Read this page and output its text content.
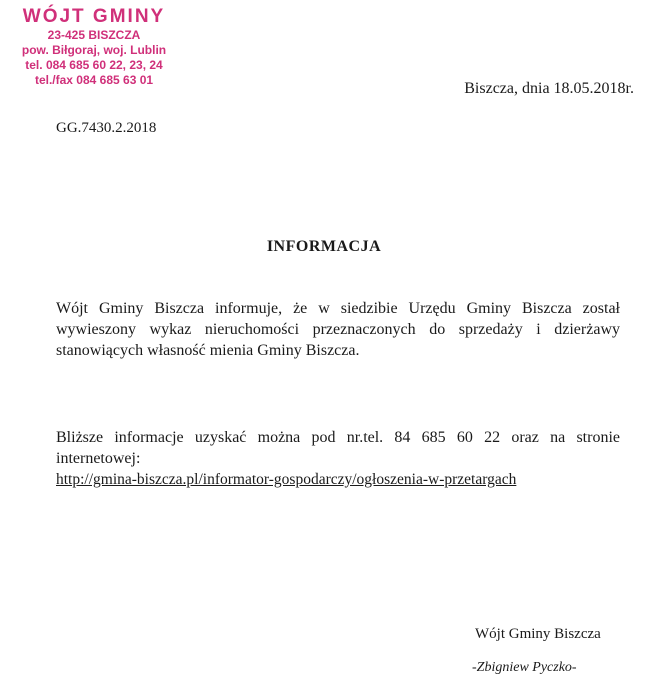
WÓJT GMINY
23-425 BISZCZA
pow. Biłgoraj, woj. Lublin
tel. 084 685 60 22, 23, 24
tel./fax 084 685 63 01	Biszcza, dnia 18.05.2018r.
GG.7430.2.2018
INFORMACJA
Wójt Gminy Biszcza informuje, że w siedzibie Urzędu Gminy Biszcza został wywieszony wykaz nieruchomości przeznaczonych do sprzedaży i dzierżawy stanowiących własność mienia Gminy Biszcza.
Bliższe informacje uzyskać można pod nr.tel. 84 685 60 22 oraz na stronie internetowej:
http://gmina-biszcza.pl/informator-gospodarczy/ogłoszenia-w-przetargach
Wójt Gminy Biszcza
-Zbigniew Pyczko-
